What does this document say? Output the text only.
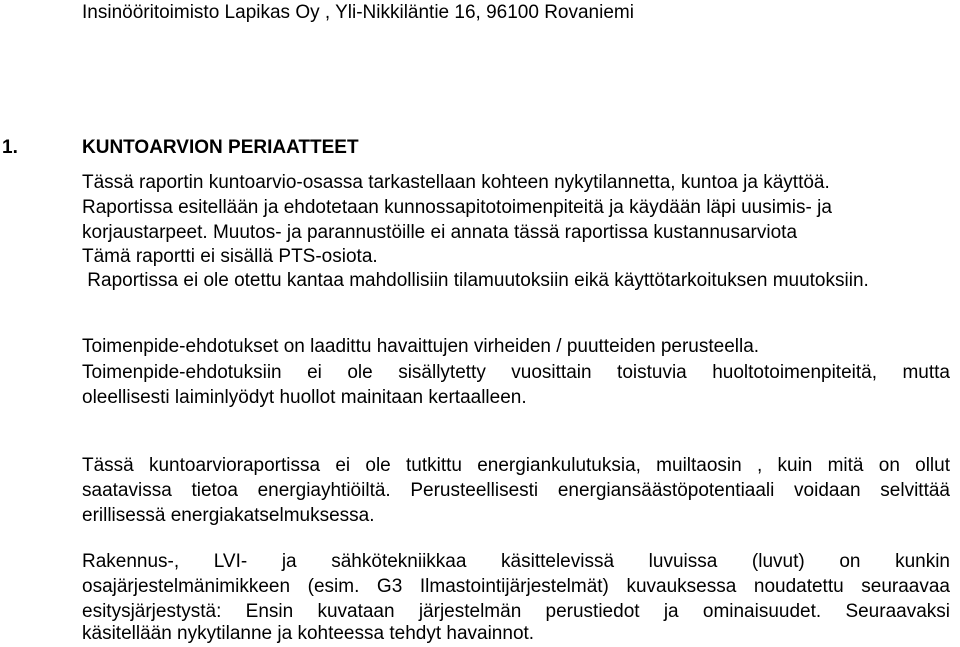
Insinööritoimisto Lapikas Oy , Yli-Nikkiläntie 16, 96100 Rovaniemi
1.	KUNTOARVION PERIAATTEET
Tässä raportin kuntoarvio-osassa tarkastellaan kohteen nykytilannetta, kuntoa ja käyttöä.
Raportissa esitellään ja ehdotetaan kunnossapitotoimenpiteitä ja käydään läpi uusimis- ja
korjaustarpeet. Muutos- ja parannustöille ei annata tässä raportissa kustannusarviota
Tämä raportti ei sisällä PTS-osiota.
Raportissa ei ole otettu kantaa mahdollisiin tilamuutoksiin eikä käyttötarkoituksen muutoksiin.
Toimenpide-ehdotukset on laadittu havaittujen virheiden / puutteiden perusteella.
Toimenpide-ehdotuksiin ei ole sisällytetty vuosittain toistuvia huoltotoimenpiteitä, mutta
oleellisesti laiminlyödyt huollot mainitaan kertaalleen.
Tässä kuntoarvioraportissa ei ole tutkittu energiankulutuksia, muiltaosin , kuin mitä on ollut
saatavissa tietoa energiayhtiöiltä. Perusteellisesti energiansäästöpotentiaali voidaan selvittää
erillisessä energiakatselmuksessa.
Rakennus-, LVI- ja sähkötekniikkaa käsittelevissä luvuissa (luvut) on kunkin
osajärjestelmänimikkeen (esim. G3 Ilmastointijärjestelmät) kuvauksessa noudatettu seuraavaa
esitysjärjestystä: Ensin kuvataan järjestelmän perustiedot ja ominaisuudet. Seuraavaksi
käsitellään nykytilanne ja kohteessa tehdyt havainnot.
